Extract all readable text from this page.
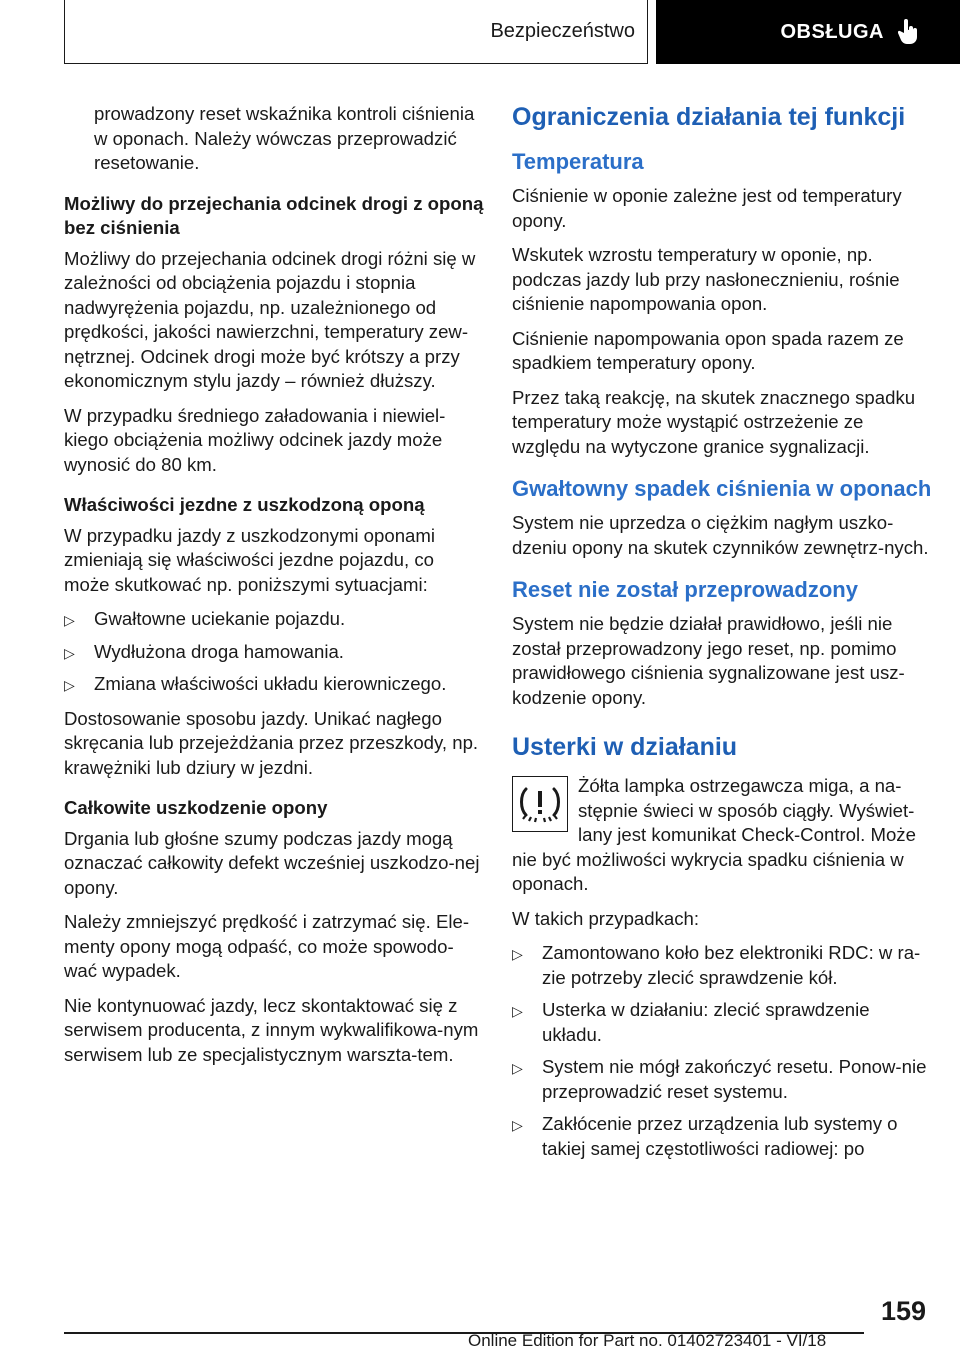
Bezpieczeństwo	OBSŁUGA

prowadzony reset wskaźnika kontroli ciśnienia w oponach. Należy wówczas przeprowadzić resetowanie.

Możliwy do przejechania odcinek drogi z oponą bez ciśnienia

Możliwy do przejechania odcinek drogi różni się w zależności od obciążenia pojazdu i stopnia nadwyrężenia pojazdu, np. uzależnionego od prędkości, jakości nawierzchni, temperatury zew-nętrznej. Odcinek drogi może być krótszy a przy ekonomicznym stylu jazdy – również dłuższy.

W przypadku średniego załadowania i niewiel-kiego obciążenia możliwy odcinek jazdy może wynosić do 80 km.

Właściwości jezdne z uszkodzoną oponą

W przypadku jazdy z uszkodzonymi oponami zmieniają się właściwości jezdne pojazdu, co może skutkować np. poniższymi sytuacjami:

▷ Gwałtowne uciekanie pojazdu.
▷ Wydłużona droga hamowania.
▷ Zmiana właściwości układu kierowniczego.

Dostosowanie sposobu jazdy. Unikać nagłego skręcania lub przejeżdżania przez przeszkody, np. krawężniki lub dziury w jezdni.

Całkowite uszkodzenie opony

Drgania lub głośne szumy podczas jazdy mogą oznaczać całkowity defekt wcześniej uszkodzo-nej opony.

Należy zmniejszyć prędkość i zatrzymać się. Ele-menty opony mogą odpaść, co może spowodo-wać wypadek.

Nie kontynuować jazdy, lecz skontaktować się z serwisem producenta, z innym wykwalifikowa-nym serwisem lub ze specjalistycznym warszta-tem.

Ograniczenia działania tej funkcji
Temperatura

Ciśnienie w oponie zależne jest od temperatury opony.

Wskutek wzrostu temperatury w oponie, np. podczas jazdy lub przy nasłonecznieniu, rośnie ciśnienie napompowania opon.

Ciśnienie napompowania opon spada razem ze spadkiem temperatury opony.

Przez taką reakcję, na skutek znacznego spadku temperatury może wystąpić ostrzeżenie ze względu na wytyczone granice sygnalizacji.

Gwałtowny spadek ciśnienia w oponach

System nie uprzedza o ciężkim nagłym uszko-dzeniu opony na skutek czynników zewnętrz-nych.

Reset nie został przeprowadzony

System nie będzie działał prawidłowo, jeśli nie został przeprowadzony jego reset, np. pomimo prawidłowego ciśnienia sygnalizowane jest usz-kodzenie opony.

Usterki w działaniu

Żółta lampka ostrzegawcza miga, a na-stępnie świeci w sposób ciągły. Wyświet-lany jest komunikat Check-Control. Może nie być możliwości wykrycia spadku ciśnienia w oponach.

W takich przypadkach:

▷ Zamontowano koło bez elektroniki RDC: w ra-zie potrzeby zlecić sprawdzenie kół.
▷ Usterka w działaniu: zlecić sprawdzenie układu.
▷ System nie mógł zakończyć resetu. Ponow-nie przeprowadzić reset systemu.
▷ Zakłócenie przez urządzenia lub systemy o takiej samej częstotliwości radiowej: po
159
Online Edition for Part no. 01402723401 - VI/18
